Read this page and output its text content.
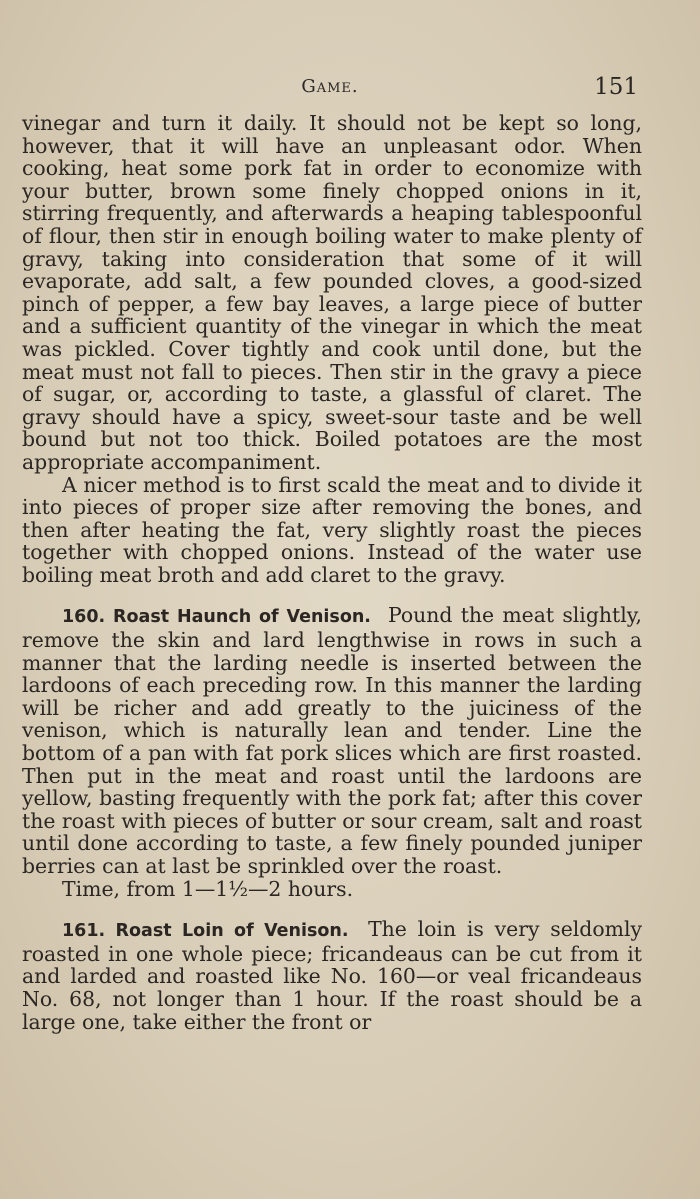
Game.	151

vinegar and turn it daily. It should not be kept so long, however, that it will have an unpleasant odor. When cooking, heat some pork fat in order to economize with your butter, brown some finely chopped onions in it, stirring frequently, and afterwards a heaping tablespoonful of flour, then stir in enough boiling water to make plenty of gravy, taking into consideration that some of it will evaporate, add salt, a few pounded cloves, a good-sized pinch of pepper, a few bay leaves, a large piece of butter and a sufficient quantity of the vinegar in which the meat was pickled. Cover tightly and cook until done, but the meat must not fall to pieces. Then stir in the gravy a piece of sugar, or, according to taste, a glassful of claret. The gravy should have a spicy, sweet-sour taste and be well bound but not too thick. Boiled potatoes are the most appropriate accompaniment.

A nicer method is to first scald the meat and to divide it into pieces of proper size after removing the bones, and then after heating the fat, very slightly roast the pieces together with chopped onions. Instead of the water use boiling meat broth and add claret to the gravy.

160. Roast Haunch of Venison.  Pound the meat slightly, remove the skin and lard lengthwise in rows in such a manner that the larding needle is inserted between the lardoons of each preceding row. In this manner the larding will be richer and add greatly to the juiciness of the venison, which is naturally lean and tender. Line the bottom of a pan with fat pork slices which are first roasted. Then put in the meat and roast until the lardoons are yellow, basting frequently with the pork fat; after this cover the roast with pieces of butter or sour cream, salt and roast until done according to taste, a few finely pounded juniper berries can at last be sprinkled over the roast.

Time, from 1—1½—2 hours.

161. Roast Loin of Venison.  The loin is very seldomly roasted in one whole piece; fricandeaus can be cut from it and larded and roasted like No. 160—or veal fricandeaus No. 68, not longer than 1 hour. If the roast should be a large one, take either the front or
